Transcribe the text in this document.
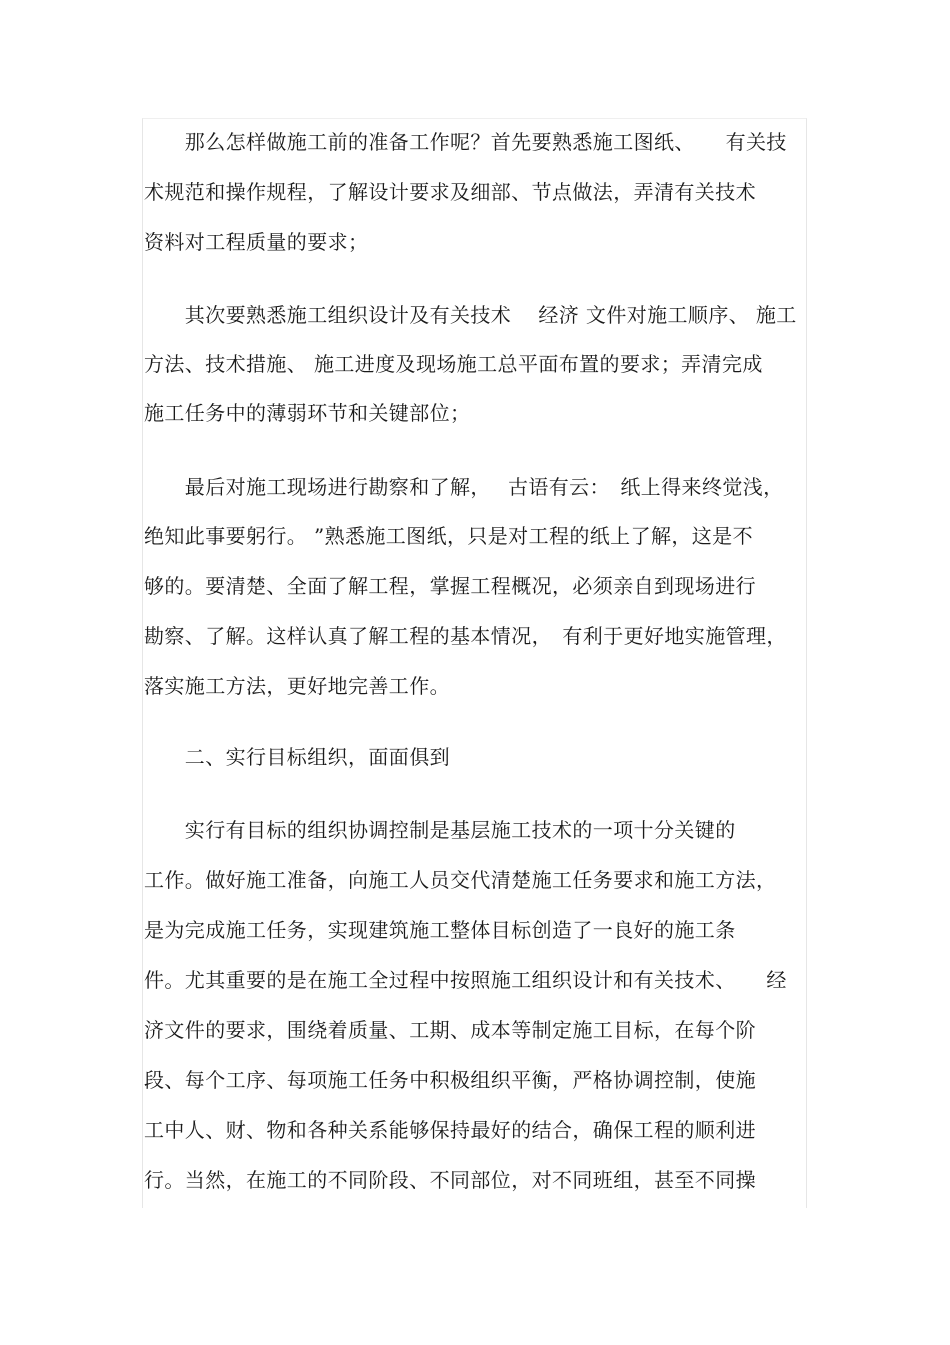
　　那么怎样做施工前的准备工作呢？首先要熟悉施工图纸、　　有关技
术规范和操作规程，了解设计要求及细部、节点做法，弄清有关技术
资料对工程质量的要求；
　　其次要熟悉施工组织设计及有关技术　 经济 文件对施工顺序、 施工
方法、技术措施、 施工进度及现场施工总平面布置的要求；弄清完成
施工任务中的薄弱环节和关键部位；
　　最后对施工现场进行勘察和了解，　 古语有云：　纸上得来终觉浅，
绝知此事要躬行。 ”熟悉施工图纸，只是对工程的纸上了解，这是不
够的。要清楚、全面了解工程，掌握工程概况，必须亲自到现场进行
勘察、了解。这样认真了解工程的基本情况，　有利于更好地实施管理，
落实施工方法，更好地完善工作。
　　二、实行目标组织，面面俱到
　　实行有目标的组织协调控制是基层施工技术的一项十分关键的
工作。做好施工准备，向施工人员交代清楚施工任务要求和施工方法，
是为完成施工任务，实现建筑施工整体目标创造了一良好的施工条
件。尤其重要的是在施工全过程中按照施工组织设计和有关技术、　　经
济文件的要求，围绕着质量、工期、成本等制定施工目标，在每个阶
段、每个工序、每项施工任务中积极组织平衡，严格协调控制，使施
工中人、财、物和各种关系能够保持最好的结合，确保工程的顺利进
行。当然，在施工的不同阶段、不同部位，对不同班组，甚至不同操
